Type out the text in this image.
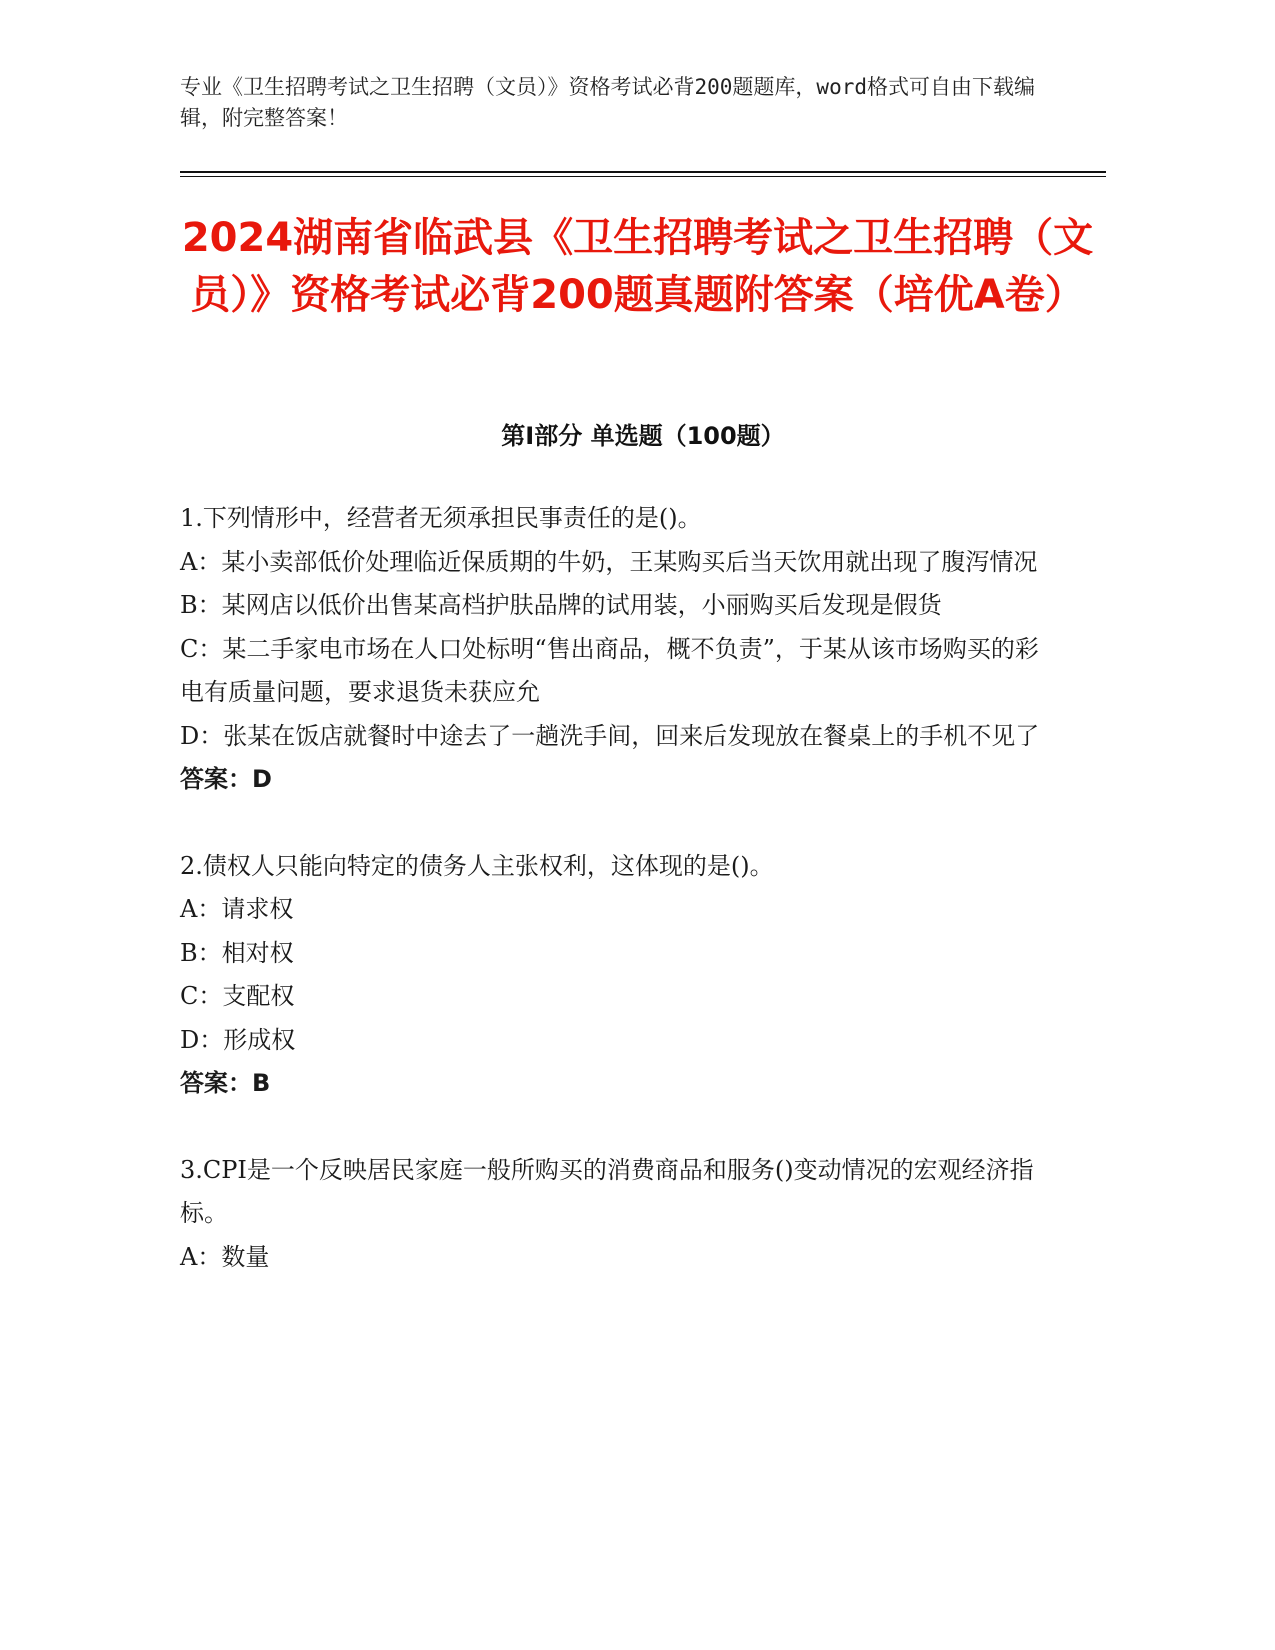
专业《卫生招聘考试之卫生招聘（文员）》资格考试必背200题题库，word格式可自由下载编辑，附完整答案！
2024湖南省临武县《卫生招聘考试之卫生招聘（文员）》资格考试必背200题真题附答案（培优A卷）
第I部分 单选题（100题）

1.下列情形中，经营者无须承担民事责任的是()。

A：某小卖部低价处理临近保质期的牛奶，王某购买后当天饮用就出现了腹泻情况

B：某网店以低价出售某高档护肤品牌的试用装，小丽购买后发现是假货

C：某二手家电市场在人口处标明“售出商品，概不负责”，于某从该市场购买的彩电有质量问题，要求退货未获应允

D：张某在饭店就餐时中途去了一趟洗手间，回来后发现放在餐桌上的手机不见了

答案：D

2.债权人只能向特定的债务人主张权利，这体现的是()。

A：请求权

B：相对权

C：支配权

D：形成权

答案：B

3.CPI是一个反映居民家庭一般所购买的消费商品和服务()变动情况的宏观经济指标。

A：数量
